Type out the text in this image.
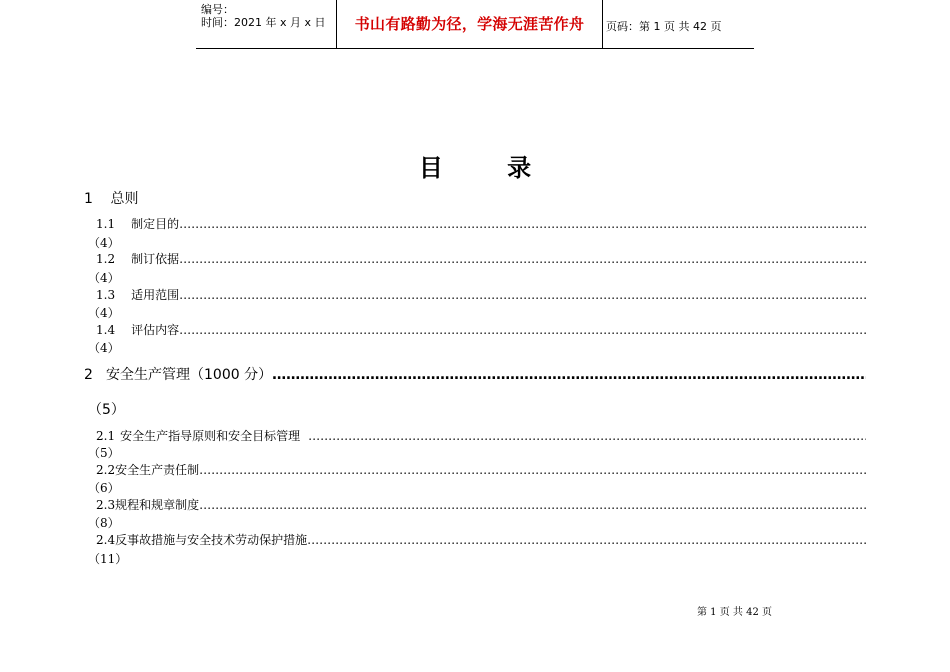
编号：
时间：2021 年 x 月 x 日	书山有路勤为径，学海无涯苦作舟	页码：第 1 页 共 42 页
目 录
1 总则
1.1 制定目的
…………………………………………………………………………………………………………………………………………………………………………………………………………………………………………
（4）
1.2 制订依据
…………………………………………………………………………………………………………………………………………………………………………………………………………………………………………
（4）
1.3 适用范围
…………………………………………………………………………………………………………………………………………………………………………………………………………………………………………
（4）
1.4 评估内容
…………………………………………………………………………………………………………………………………………………………………………………………………………………………………………
（4）
2 安全生产管理（1000 分）
…………………………………………………………………………………………………………………………………………………………………………………
（5）
2.1 安全生产指导原则和安全目标管理
…………………………………………………………………………………………………………………………………………………………………………………………………………………………………………
（5）
2.2 安全生产责任制
…………………………………………………………………………………………………………………………………………………………………………………………………………………………………………
（6）
2.3 规程和规章制度
…………………………………………………………………………………………………………………………………………………………………………………………………………………………………………
（8）
2.4 反事故措施与安全技术劳动保护措施
…………………………………………………………………………………………………………………………………………………………………………………………………………………………………………
（11）
第 1 页 共 42 页
